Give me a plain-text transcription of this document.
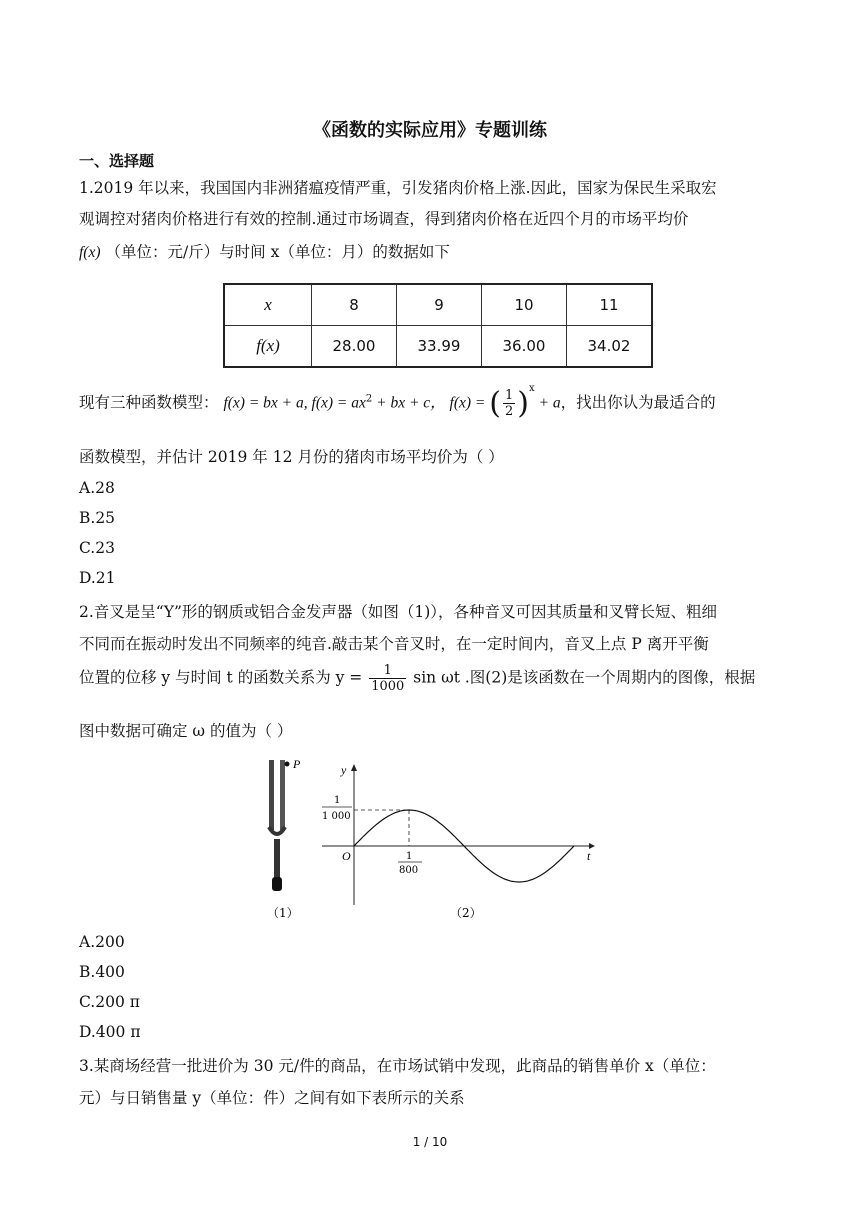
《函数的实际应用》专题训练
一、选择题
1.2019 年以来，我国国内非洲猪瘟疫情严重，引发猪肉价格上涨.因此，国家为保民生采取宏
观调控对猪肉价格进行有效的控制.通过市场调查，得到猪肉价格在近四个月的市场平均价
f(x) （单位：元/斤）与时间 x（单位：月）的数据如下
x	8	9	10	11
f(x)	28.00	33.99	36.00	34.02
现有三种函数模型： f(x) = bx + a, $f(x) = ax^2$ + bx + c， f(x) = ( $\frac{1}{2} )^x + a$，找出你认为最适合的
函数模型，并估计 2019 年 12 月份的猪肉市场平均价为（ ）
A.28
B.25
C.23
D.21
2.音叉是呈“Y”形的钢质或铝合金发声器（如图（1)），各种音叉可因其质量和叉臂长短、粗细
不同而在振动时发出不同频率的纯音.敲击某个音叉时，在一定时间内，音叉上点 P 离开平衡
位置的位移 y 与时间 t 的函数关系为 $y = \frac{1}{1000}$ sin ωt .图(2)是该函数在一个周期内的图像，根据
图中数据可确定 ω 的值为（ ）
P
（1）
y
t
O
1
1 000
1
800
（2）
A.200
B.400
C.200 π
D.400 π
3.某商场经营一批进价为 30 元/件的商品，在市场试销中发现，此商品的销售单价 x（单位：
元）与日销售量 y（单位：件）之间有如下表所示的关系
1 / 10
